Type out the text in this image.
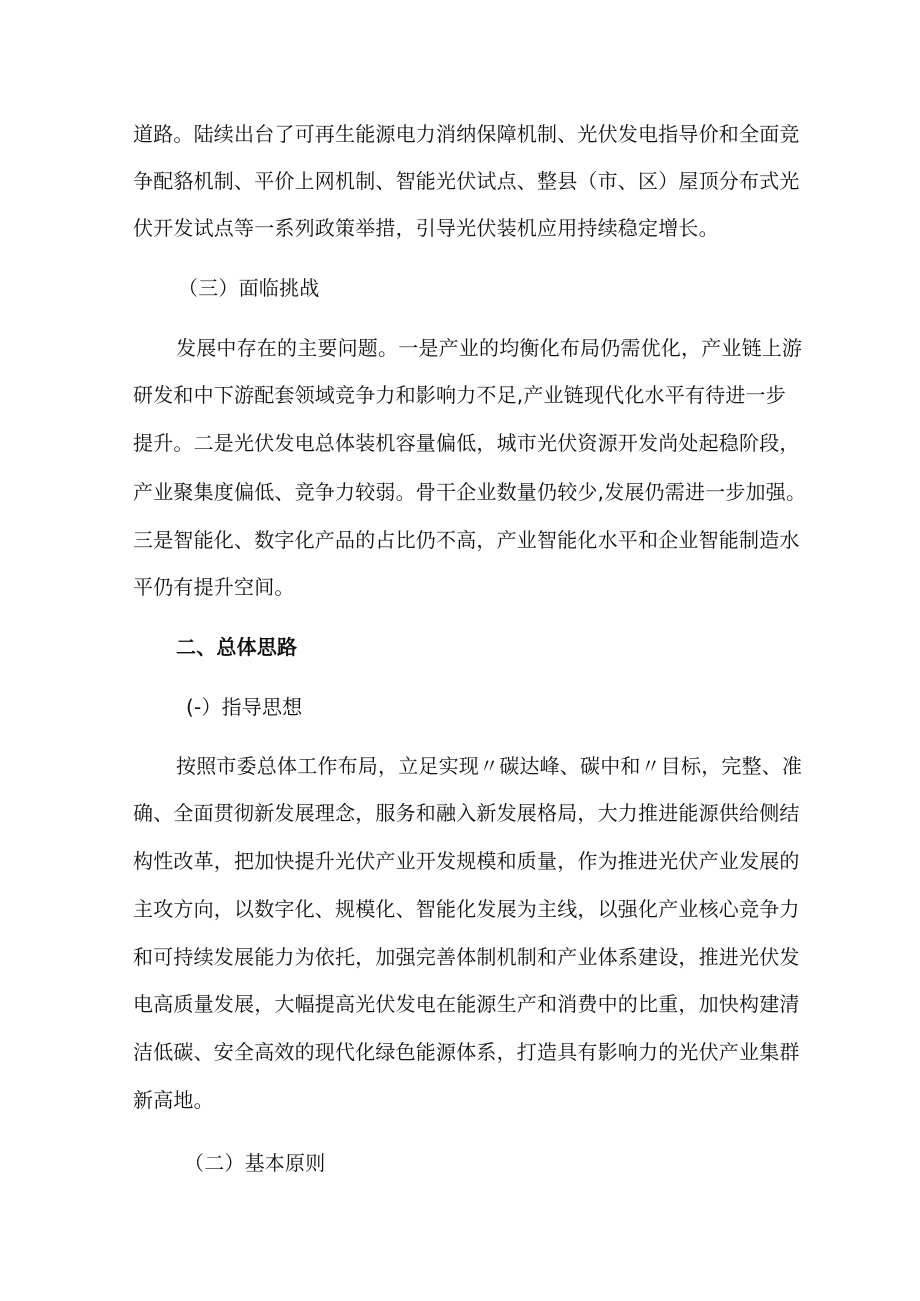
道路。陆续出台了可再生能源电力消纳保障机制、光伏发电指导价和全面竞
争配貉机制、平价上网机制、智能光伏试点、整县（市、区）屋顶分布式光
伏开发试点等一系列政策举措，引导光伏装机应用持续稳定增长。
（三）面临挑战
发展中存在的主要问题。一是产业的均衡化布局仍需优化，产业链上游
研发和中下游配套领域竞争力和影响力不足,产业链现代化水平有待进一步
提升。二是光伏发电总体装机容量偏低，城市光伏资源开发尚处起稳阶段，
产业聚集度偏低、竞争力较弱。骨干企业数量仍较少,发展仍需进一步加强。
三是智能化、数字化产品的占比仍不高，产业智能化水平和企业智能制造水
平仍有提升空间。
二、总体思路
(-）指导思想
按照市委总体工作布局，立足实现〃碳达峰、碳中和〃目标，完整、准
确、全面贯彻新发展理念，服务和融入新发展格局，大力推进能源供给侧结
构性改革，把加快提升光伏产业开发规模和质量，作为推进光伏产业发展的
主攻方向，以数字化、规模化、智能化发展为主线，以强化产业核心竞争力
和可持续发展能力为依托，加强完善体制机制和产业体系建设，推进光伏发
电高质量发展，大幅提高光伏发电在能源生产和消费中的比重，加快构建清
洁低碳、安全高效的现代化绿色能源体系，打造具有影响力的光伏产业集群
新高地。
（二）基本原则
